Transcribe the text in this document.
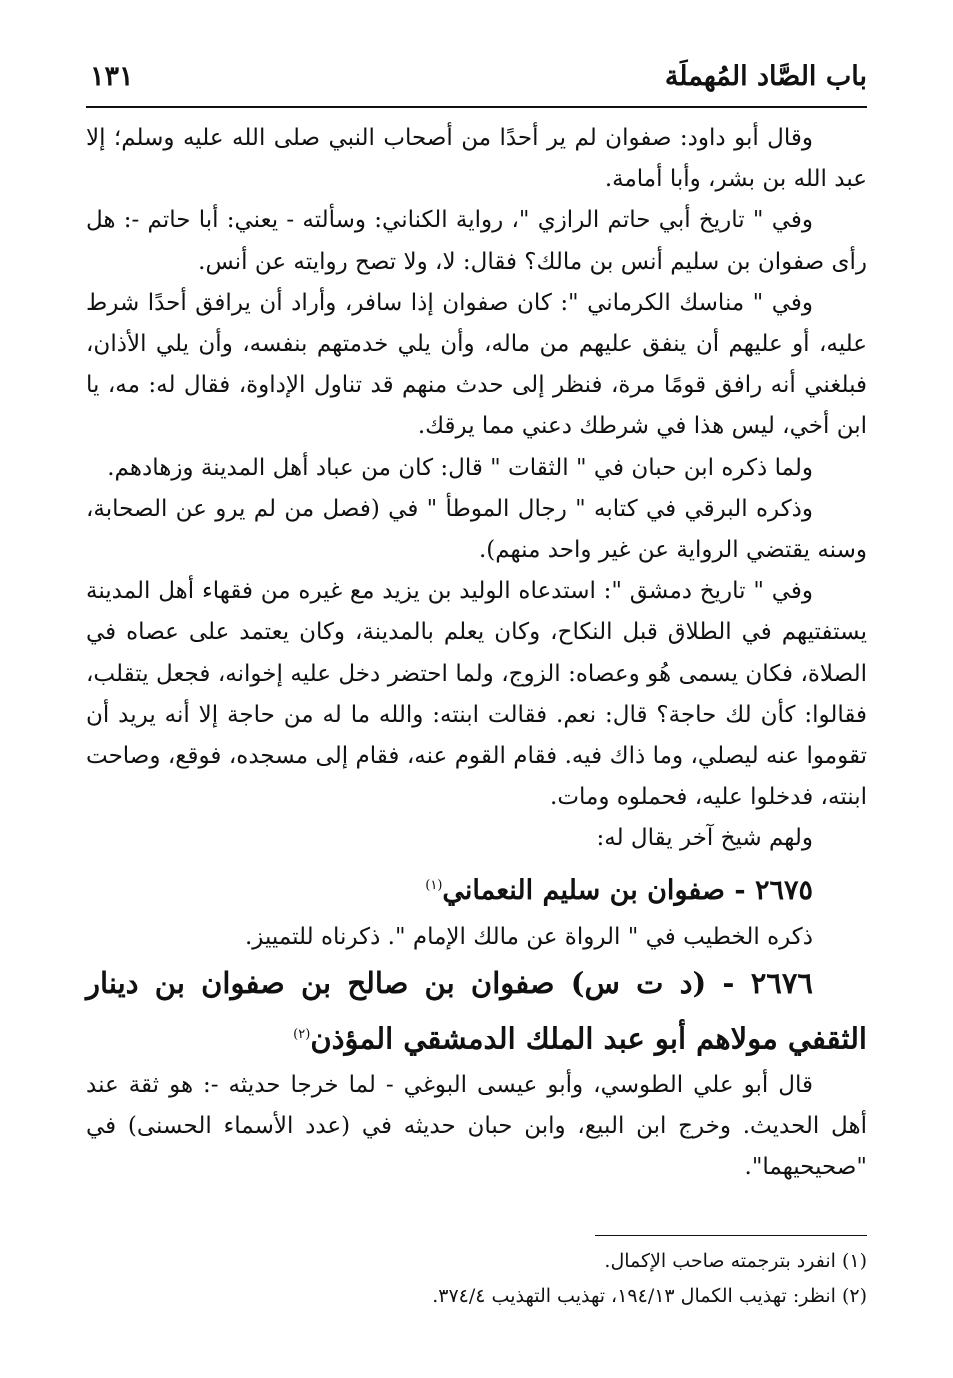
باب الصَّاد المُهملَة
١٣١

وقال أبو داود: صفوان لم ير أحدًا من أصحاب النبي صلى الله عليه وسلم؛ إلا عبد الله بن بشر، وأبا أمامة.

وفي " تاريخ أبي حاتم الرازي "، رواية الكناني: وسألته - يعني: أبا حاتم -: هل رأى صفوان بن سليم أنس بن مالك؟ فقال: لا، ولا تصح روايته عن أنس.

وفي " مناسك الكرماني ": كان صفوان إذا سافر، وأراد أن يرافق أحدًا شرط عليه، أو عليهم أن ينفق عليهم من ماله، وأن يلي خدمتهم بنفسه، وأن يلي الأذان، فبلغني أنه رافق قومًا مرة، فنظر إلى حدث منهم قد تناول الإداوة، فقال له: مه، يا ابن أخي، ليس هذا في شرطك دعني مما يرقك.

ولما ذكره ابن حبان في " الثقات " قال: كان من عباد أهل المدينة وزهادهم.

وذكره البرقي في كتابه " رجال الموطأ " في (فصل من لم يرو عن الصحابة، وسنه يقتضي الرواية عن غير واحد منهم).

وفي " تاريخ دمشق ": استدعاه الوليد بن يزيد مع غيره من فقهاء أهل المدينة يستفتيهم في الطلاق قبل النكاح، وكان يعلم بالمدينة، وكان يعتمد على عصاه في الصلاة، فكان يسمى هُو وعصاه: الزوج، ولما احتضر دخل عليه إخوانه، فجعل يتقلب، فقالوا: كأن لك حاجة؟ قال: نعم. فقالت ابنته: والله ما له من حاجة إلا أنه يريد أن تقوموا عنه ليصلي، وما ذاك فيه. فقام القوم عنه، فقام إلى مسجده، فوقع، وصاحت ابنته، فدخلوا عليه، فحملوه ومات.

ولهم شيخ آخر يقال له:

٢٦٧٥ - صفوان بن سليم النعماني$^{(١)}$

ذكره الخطيب في " الرواة عن مالك الإمام ". ذكرناه للتمييز.

٢٦٧٦ - (د ت س) صفوان بن صالح بن صفوان بن دينار الثقفي مولاهم أبو عبد الملك الدمشقي المؤذن$^{(٢)}$

قال أبو علي الطوسي، وأبو عيسى البوغي - لما خرجا حديثه -: هو ثقة عند أهل الحديث. وخرج ابن البيع، وابن حبان حديثه في (عدد الأسماء الحسنى) في "صحيحيهما".

(١) انفرد بترجمته صاحب الإكمال.

(٢) انظر: تهذيب الكمال ١٩٤/١٣، تهذيب التهذيب ٣٧٤/٤.
